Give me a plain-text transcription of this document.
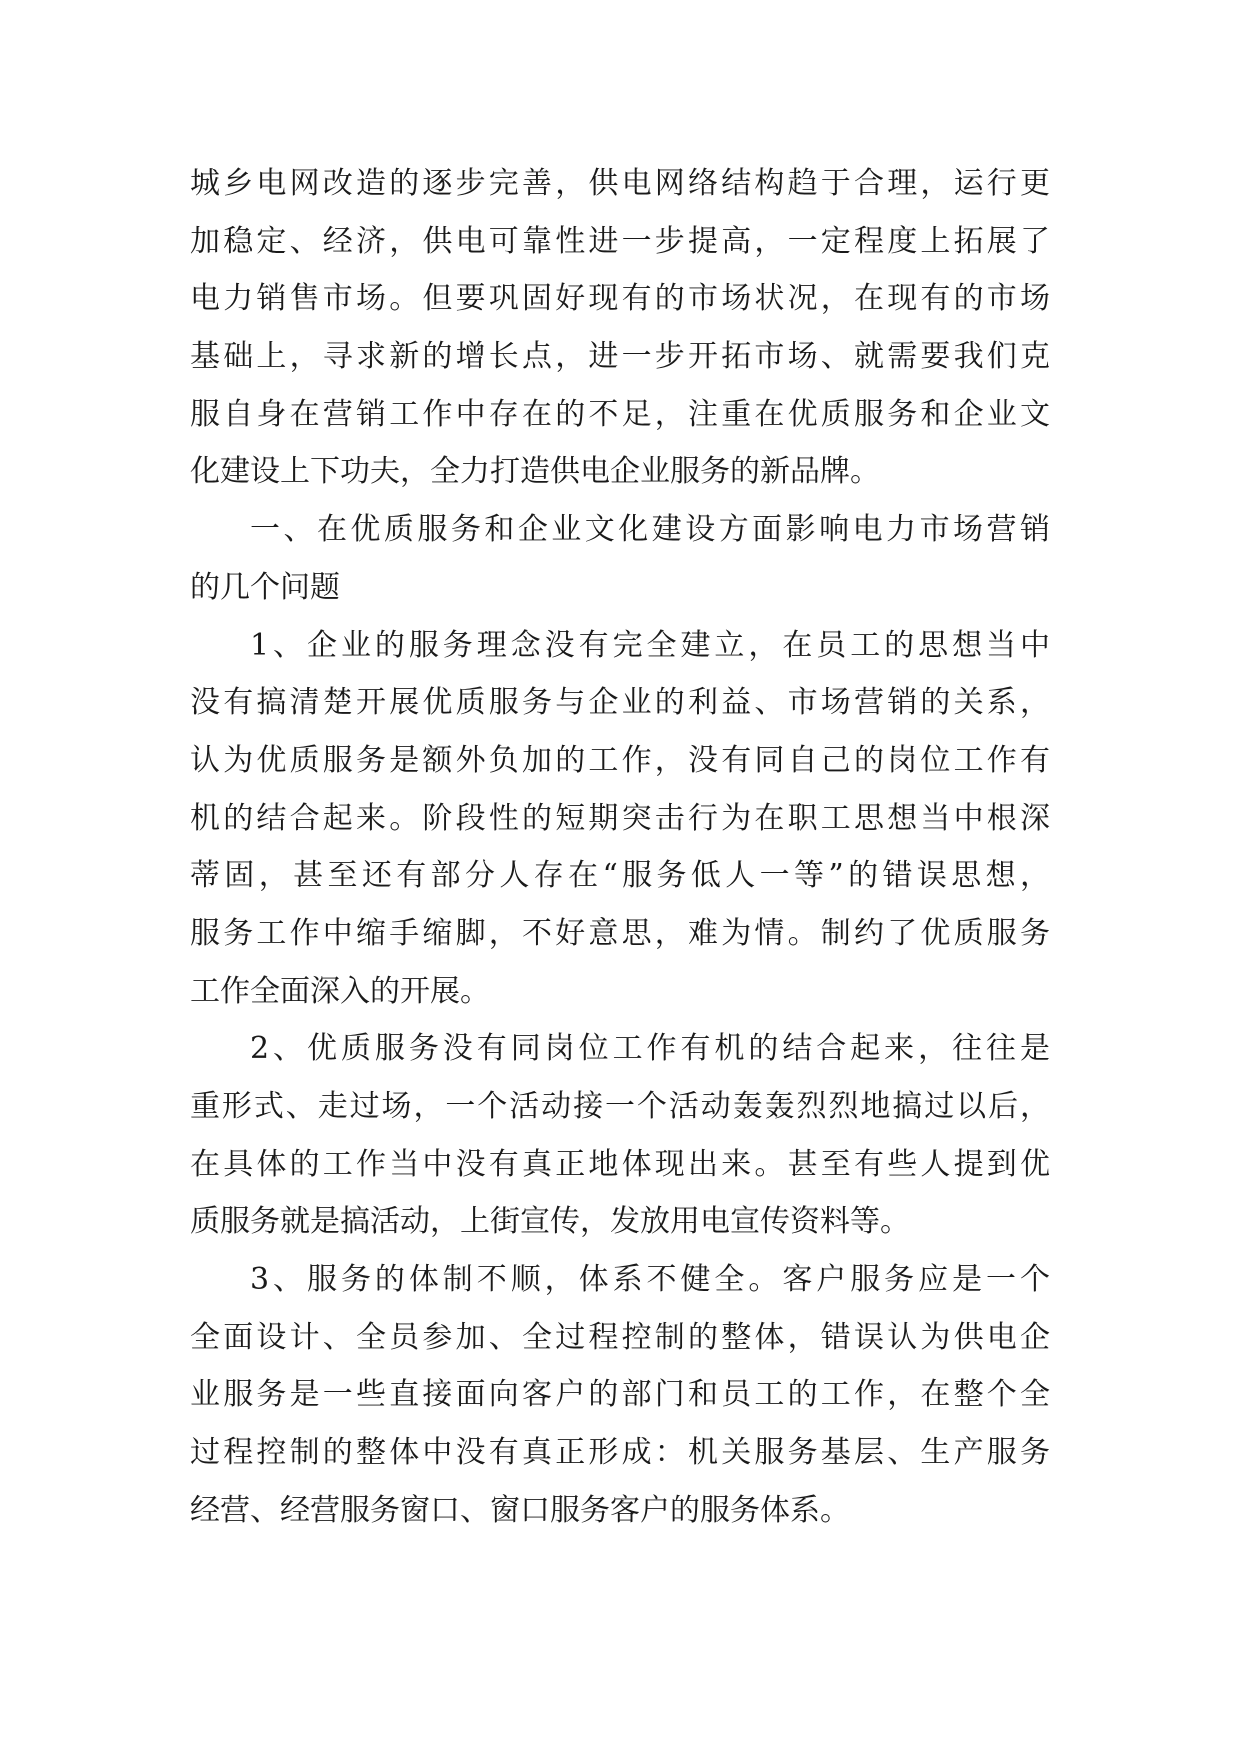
城乡电网改造的逐步完善，供电网络结构趋于合理，运行更
加稳定、经济，供电可靠性进一步提高，一定程度上拓展了
电力销售市场。但要巩固好现有的市场状况，在现有的市场
基础上，寻求新的增长点，进一步开拓市场、就需要我们克
服自身在营销工作中存在的不足，注重在优质服务和企业文
化建设上下功夫，全力打造供电企业服务的新品牌。
一、在优质服务和企业文化建设方面影响电力市场营销
的几个问题
1、企业的服务理念没有完全建立，在员工的思想当中
没有搞清楚开展优质服务与企业的利益、市场营销的关系，
认为优质服务是额外负加的工作，没有同自己的岗位工作有
机的结合起来。阶段性的短期突击行为在职工思想当中根深
蒂固，甚至还有部分人存在“服务低人一等”的错误思想，
服务工作中缩手缩脚，不好意思，难为情。制约了优质服务
工作全面深入的开展。
2、优质服务没有同岗位工作有机的结合起来，往往是
重形式、走过场，一个活动接一个活动轰轰烈烈地搞过以后，
在具体的工作当中没有真正地体现出来。甚至有些人提到优
质服务就是搞活动，上街宣传，发放用电宣传资料等。
3、服务的体制不顺，体系不健全。客户服务应是一个
全面设计、全员参加、全过程控制的整体，错误认为供电企
业服务是一些直接面向客户的部门和员工的工作，在整个全
过程控制的整体中没有真正形成：机关服务基层、生产服务
经营、经营服务窗口、窗口服务客户的服务体系。
